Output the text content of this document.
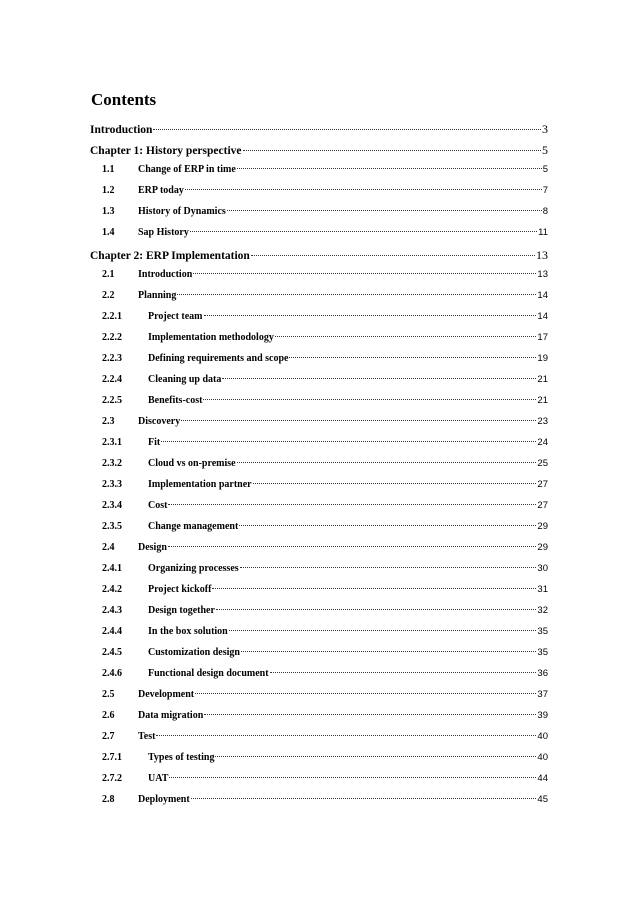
Contents
Introduction	3
Chapter 1: History perspective	5
1.1	Change of ERP in time	5
1.2	ERP today	7
1.3	History of Dynamics	8
1.4	Sap History	11
Chapter 2: ERP Implementation	13
2.1	Introduction	13
2.2	Planning	14
2.2.1	Project team	14
2.2.2	Implementation methodology	17
2.2.3	Defining requirements and scope	19
2.2.4	Cleaning up data	21
2.2.5	Benefits-cost	21
2.3	Discovery	23
2.3.1	Fit	24
2.3.2	Cloud vs on-premise	25
2.3.3	Implementation partner	27
2.3.4	Cost	27
2.3.5	Change management	29
2.4	Design	29
2.4.1	Organizing processes	30
2.4.2	Project kickoff	31
2.4.3	Design together	32
2.4.4	In the box solution	35
2.4.5	Customization design	35
2.4.6	Functional design document	36
2.5	Development	37
2.6	Data migration	39
2.7	Test	40
2.7.1	Types of testing	40
2.7.2	UAT	44
2.8	Deployment	45
